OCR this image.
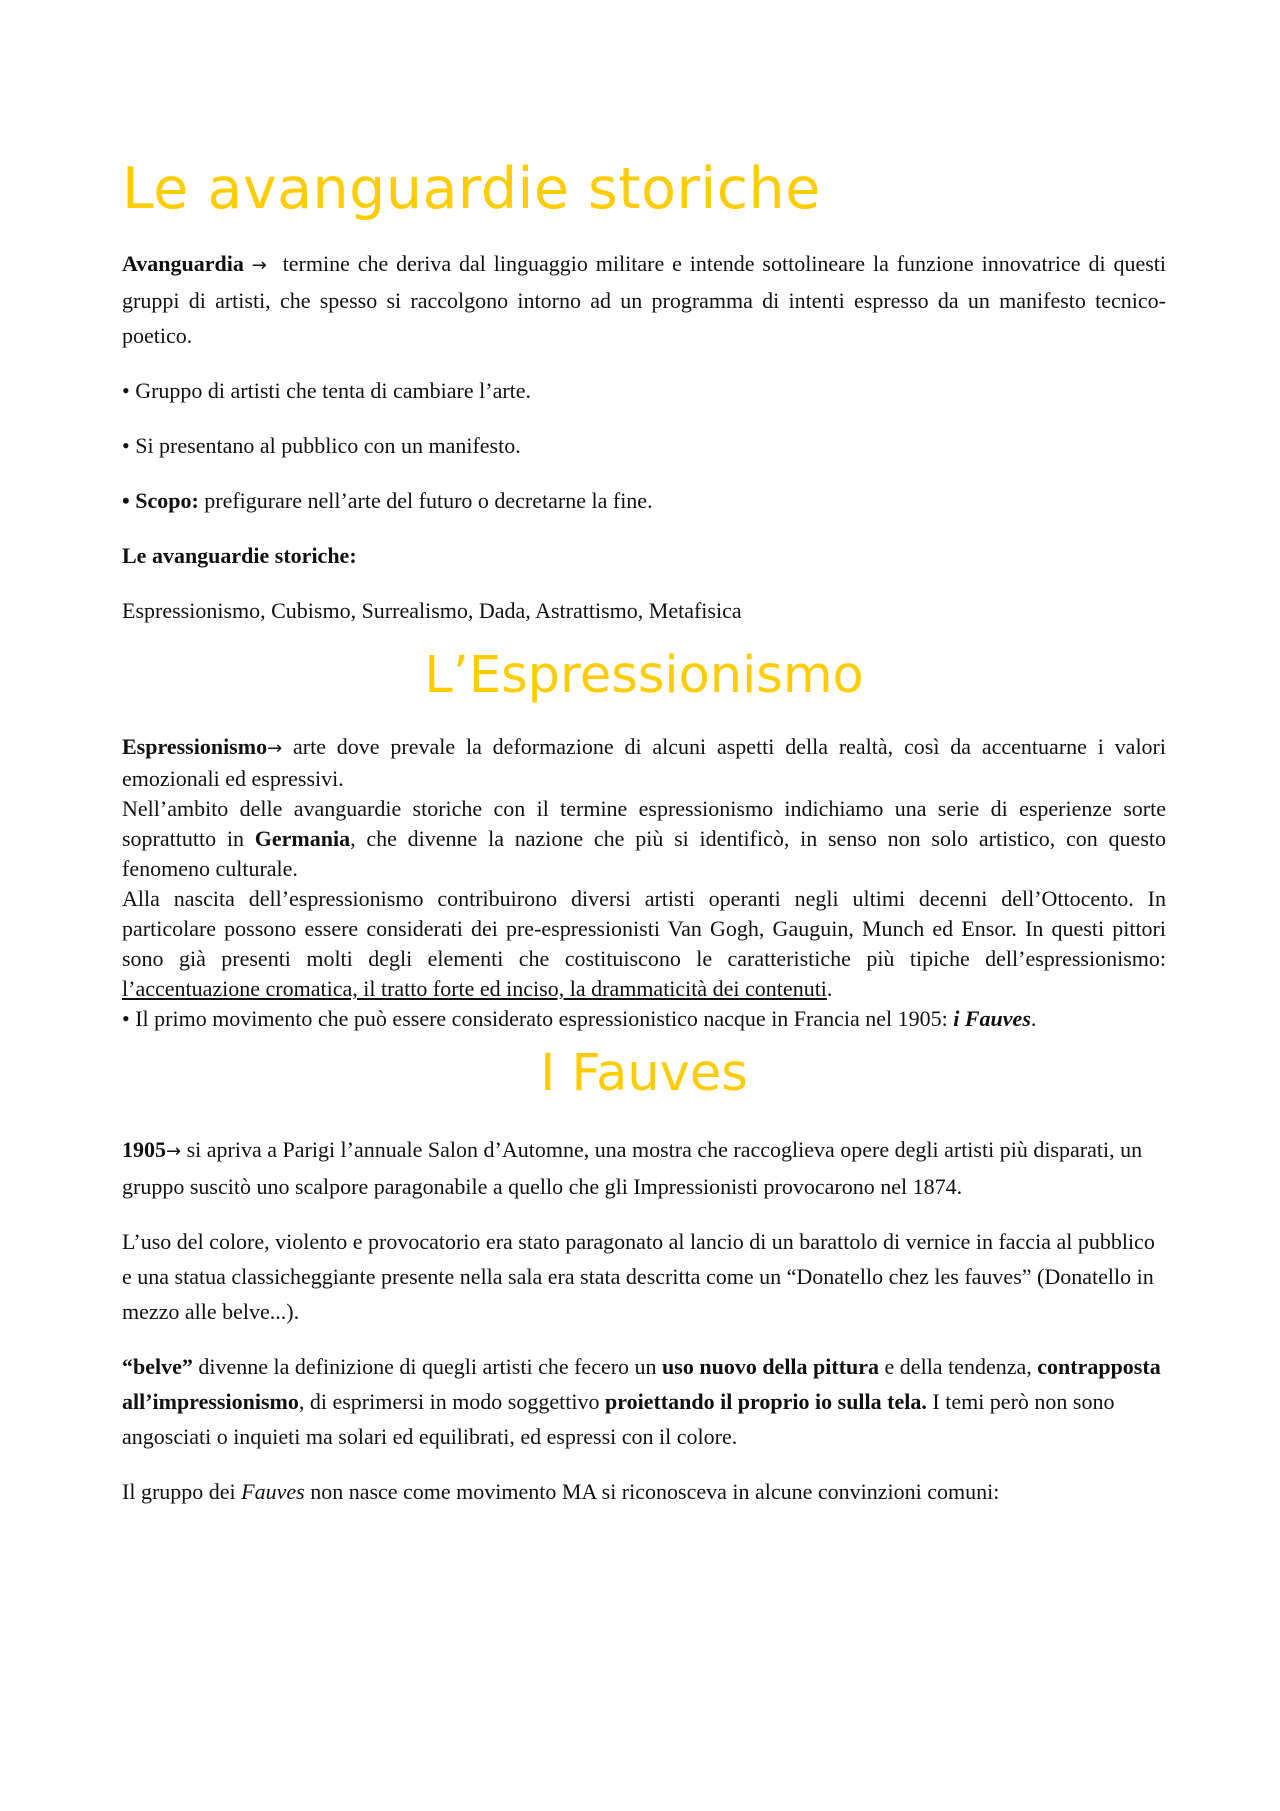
Le avanguardie storiche

Avanguardia → termine che deriva dal linguaggio militare e intende sottolineare la funzione innovatrice di questi gruppi di artisti, che spesso si raccolgono intorno ad un programma di intenti espresso da un manifesto tecnico-poetico.

• Gruppo di artisti che tenta di cambiare l’arte.

• Si presentano al pubblico con un manifesto.

• Scopo: prefigurare nell’arte del futuro o decretarne la fine.

Le avanguardie storiche:

Espressionismo, Cubismo, Surrealismo, Dada, Astrattismo, Metafisica

L’Espressionismo

Espressionismo→ arte dove prevale la deformazione di alcuni aspetti della realtà, così da accentuarne i valori emozionali ed espressivi.

Nell’ambito delle avanguardie storiche con il termine espressionismo indichiamo una serie di esperienze sorte soprattutto in Germania, che divenne la nazione che più si identificò, in senso non solo artistico, con questo fenomeno culturale.

Alla nascita dell’espressionismo contribuirono diversi artisti operanti negli ultimi decenni dell’Ottocento. In particolare possono essere considerati dei pre-espressionisti Van Gogh, Gauguin, Munch ed Ensor. In questi pittori sono già presenti molti degli elementi che costituiscono le caratteristiche più tipiche dell’espressionismo: l’accentuazione cromatica, il tratto forte ed inciso, la drammaticità dei contenuti.

• Il primo movimento che può essere considerato espressionistico nacque in Francia nel 1905: i Fauves.

I Fauves

1905→ si apriva a Parigi l’annuale Salon d’Automne, una mostra che raccoglieva opere degli artisti più disparati, un gruppo suscitò uno scalpore paragonabile a quello che gli Impressionisti provocarono nel 1874.

L’uso del colore, violento e provocatorio era stato paragonato al lancio di un barattolo di vernice in faccia al pubblico e una statua classicheggiante presente nella sala era stata descritta come un “Donatello chez les fauves” (Donatello in mezzo alle belve...).

“belve” divenne la definizione di quegli artisti che fecero un uso nuovo della pittura e della tendenza, contrapposta all’impressionismo, di esprimersi in modo soggettivo proiettando il proprio io sulla tela. I temi però non sono angosciati o inquieti ma solari ed equilibrati, ed espressi con il colore.

Il gruppo dei Fauves non nasce come movimento MA si riconosceva in alcune convinzioni comuni:
